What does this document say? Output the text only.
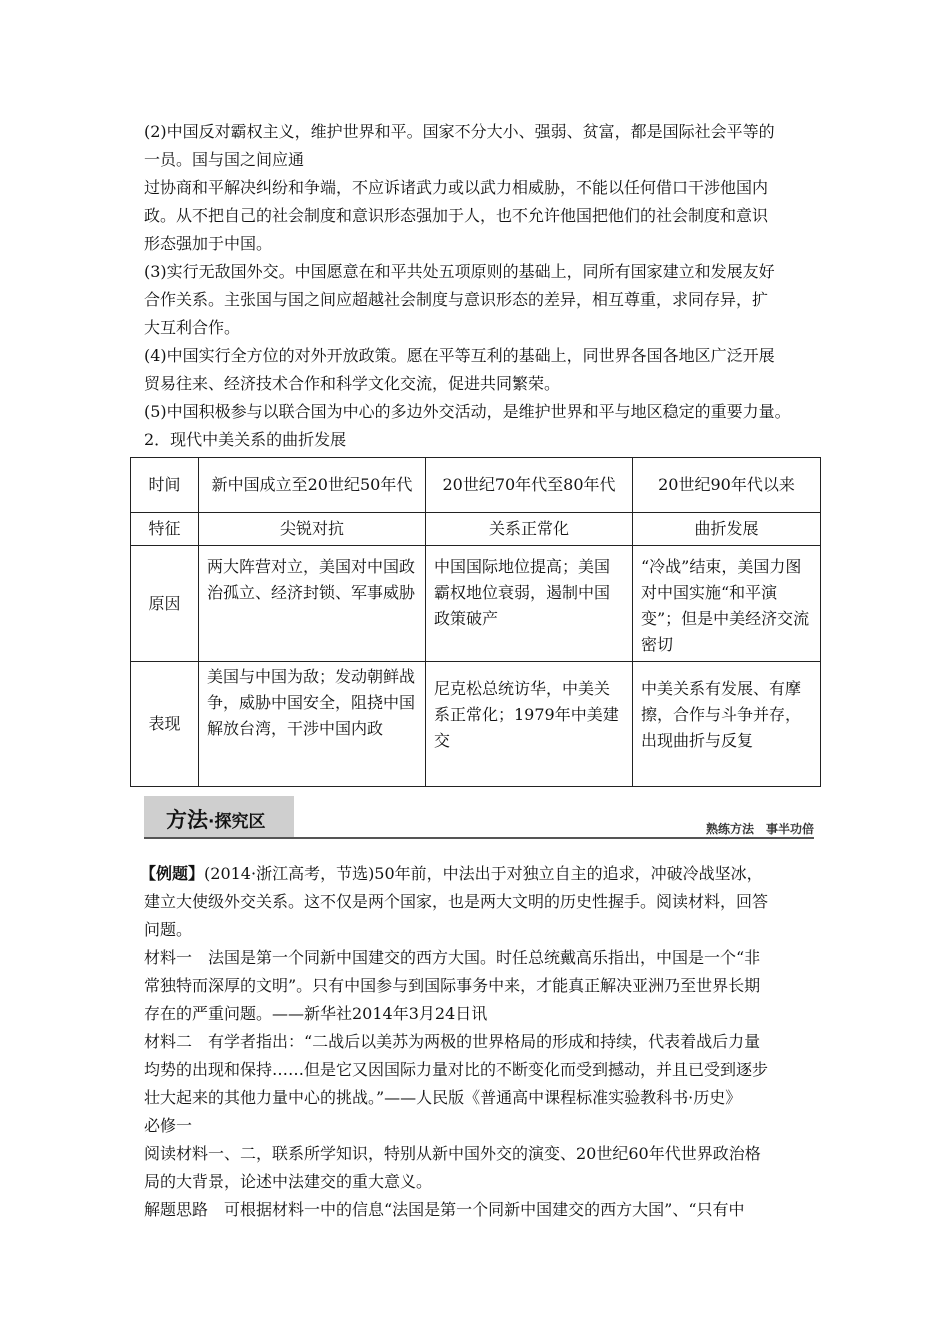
(2)中国反对霸权主义，维护世界和平。国家不分大小、强弱、贫富，都是国际社会平等的
一员。国与国之间应通
过协商和平解决纠纷和争端，不应诉诸武力或以武力相威胁，不能以任何借口干涉他国内
政。从不把自己的社会制度和意识形态强加于人，也不允许他国把他们的社会制度和意识
形态强加于中国。

(3)实行无敌国外交。中国愿意在和平共处五项原则的基础上，同所有国家建立和发展友好
合作关系。主张国与国之间应超越社会制度与意识形态的差异，相互尊重，求同存异，扩
大互利合作。

(4)中国实行全方位的对外开放政策。愿在平等互利的基础上，同世界各国各地区广泛开展
贸易往来、经济技术合作和科学文化交流，促进共同繁荣。

(5)中国积极参与以联合国为中心的多边外交活动，是维护世界和平与地区稳定的重要力量。

2．现代中美关系的曲折发展

时间	新中国成立至20世纪50年代	20世纪70年代至80年代	20世纪90年代以来
特征	尖锐对抗	关系正常化	曲折发展
原因	两大阵营对立，美国对中国政治孤立、经济封锁、军事威胁	中国国际地位提高；美国霸权地位衰弱，遏制中国政策破产	“冷战”结束，美国力图对中国实施“和平演变”；但是中美经济交流密切
表现	美国与中国为敌；发动朝鲜战争，威胁中国安全，阻挠中国解放台湾，干涉中国内政	尼克松总统访华，中美关系正常化；1979年中美建交	中美关系有发展、有摩擦，合作与斗争并存，出现曲折与反复
方法·探究区	熟练方法　事半功倍

【例题】(2014·浙江高考，节选)50年前，中法出于对独立自主的追求，冲破冷战坚冰，
建立大使级外交关系。这不仅是两个国家，也是两大文明的历史性握手。阅读材料，回答
问题。
材料一　法国是第一个同新中国建交的西方大国。时任总统戴高乐指出，中国是一个“非
常独特而深厚的文明”。只有中国参与到国际事务中来，才能真正解决亚洲乃至世界长期
存在的严重问题。——新华社2014年3月24日讯
材料二　有学者指出：“二战后以美苏为两极的世界格局的形成和持续，代表着战后力量
均势的出现和保持……但是它又因国际力量对比的不断变化而受到撼动，并且已受到逐步
壮大起来的其他力量中心的挑战。”——人民版《普通高中课程标准实验教科书·历史》
必修一
阅读材料一、二，联系所学知识，特别从新中国外交的演变、20世纪60年代世界政治格
局的大背景，论述中法建交的重大意义。
解题思路　可根据材料一中的信息“法国是第一个同新中国建交的西方大国”、“只有中
